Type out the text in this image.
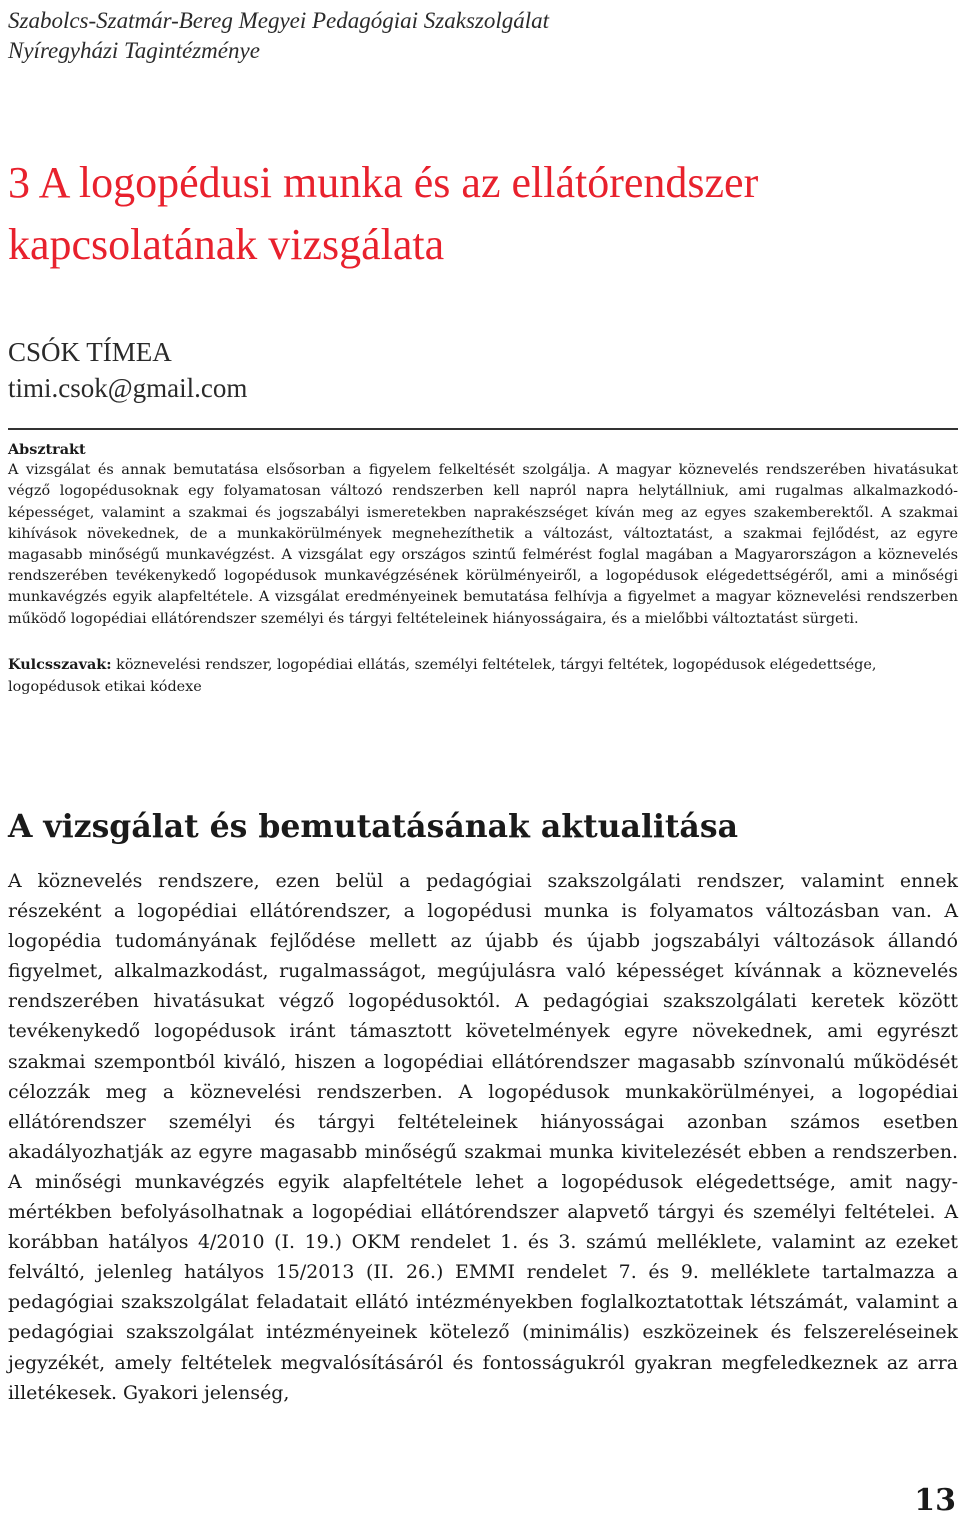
Szabolcs-Szatmár-Bereg Megyei Pedagógiai Szakszolgálat
Nyíregyházi Tagintézménye
3 A logopédusi munka és az ellátórendszer
kapcsolatának vizsgálata
CSÓK TÍMEA
timi.csok@gmail.com
Absztrakt
A vizsgálat és annak bemutatása elsősorban a figyelem felkeltését szolgálja. A magyar köznevelés rendszerében hivatásukat végző logopédusoknak egy folyamatosan változó rendszerben kell napról napra helytállniuk, ami rugalmas alkalmazkodóképességet, valamint a szakmai és jogszabályi ismeretekben naprakészséget kíván meg az egyes szakemberektől. A szakmai kihívások növekednek, de a munkakörülmények megnehezíthetik a változást, változtatást, a szakmai fejlődést, az egyre magasabb minőségű munkavégzést. A vizsgálat egy országos szintű felmérést foglal magában a Magyarországon a köznevelés rendszerében tevékenykedő logopédusok munkavégzésének körülményeiről, a logopédusok elégedettségéről, ami a minőségi munkavégzés egyik alapfeltétele. A vizsgálat eredményeinek bemutatása felhívja a figyelmet a magyar köznevelési rendszerben működő logopédiai ellátórendszer személyi és tárgyi feltételeinek hiányosságaira, és a mielőbbi változtatást sürgeti.
Kulcsszavak: köznevelési rendszer, logopédiai ellátás, személyi feltételek, tárgyi feltétek, logopédusok elégedettsége, logopédusok etikai kódexe
A vizsgálat és bemutatásának aktualitása

A köznevelés rendszere, ezen belül a pedagógiai szakszolgálati rendszer, valamint ennek részeként a logopédiai ellátórendszer, a logopédusi munka is folyamatos változásban van. A logopédia tudományának fejlődése mellett az újabb és újabb jogszabályi változások állandó figyelmet, alkalmazkodást, rugalmasságot, megújulásra való képességet kívánnak a köznevelés rendszerében hivatásukat végző logopédusoktól. A pedagógiai szakszolgálati keretek között tevékenykedő logopédusok iránt támasztott követelmények egyre növekednek, ami egyrészt szakmai szempontból kiváló, hiszen a logopédiai ellátórendszer magasabb színvonalú működését célozzák meg a köznevelési rendszerben. A logopédusok munkakörülményei, a logopédiai ellátórendszer személyi és tárgyi feltételeinek hiányosságai azonban számos esetben akadályozhatják az egyre magasabb minőségű szakmai munka kivitelezését ebben a rendszerben. A minőségi munkavégzés egyik alapfeltétele lehet a logopédusok elégedettsége, amit nagymértékben befolyásolhatnak a logopédiai ellátórendszer alapvető tárgyi és személyi feltételei. A korábban hatályos 4/2010 (I. 19.) OKM rendelet 1. és 3. számú melléklete, valamint az ezeket felváltó, jelenleg hatályos 15/2013 (II. 26.) EMMI rendelet 7. és 9. melléklete tartalmazza a pedagógiai szakszolgálat feladatait ellátó intézményekben foglalkoztatottak létszámát, valamint a pedagógiai szakszolgálat intézményeinek kötelező (minimális) eszközeinek és felszereléseinek jegyzékét, amely feltételek megvalósításáról és fontosságukról gyakran megfeledkeznek az arra illetékesek. Gyakori jelenség,

13
